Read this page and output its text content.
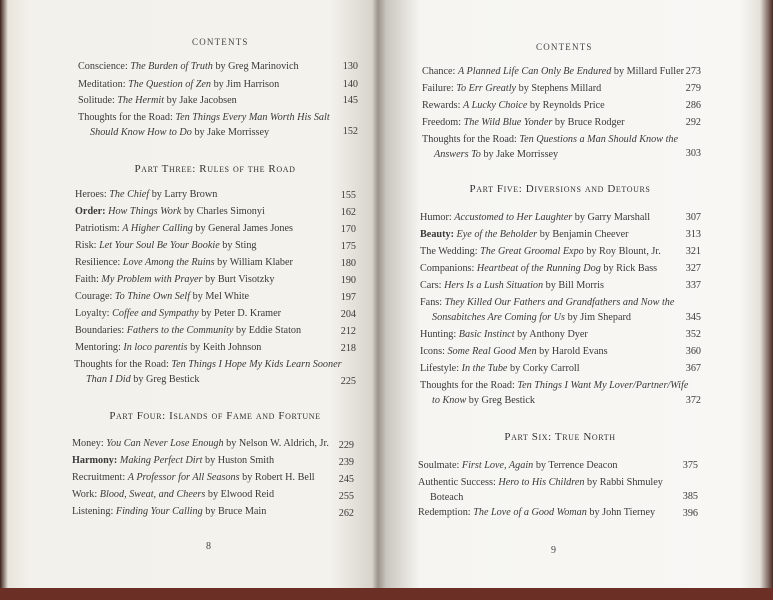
CONTENTS
Conscience: The Burden of Truth by Greg Marinovich	130
Meditation: The Question of Zen by Jim Harrison	140
Solitude: The Hermit by Jake Jacobsen	145
Thoughts for the Road: Ten Things Every Man Worth His Salt
Should Know How to Do by Jake Morrissey	152
Part Three: Rules of the Road
Heroes: The Chief by Larry Brown	155
Order: How Things Work by Charles Simonyi	162
Patriotism: A Higher Calling by General James Jones	170
Risk: Let Your Soul Be Your Bookie by Sting	175
Resilience: Love Among the Ruins by William Klaber	180
Faith: My Problem with Prayer by Burt Visotzky	190
Courage: To Thine Own Self by Mel White	197
Loyalty: Coffee and Sympathy by Peter D. Kramer	204
Boundaries: Fathers to the Community by Eddie Staton	212
Mentoring: In loco parentis by Keith Johnson	218
Thoughts for the Road: Ten Things I Hope My Kids Learn Sooner
Than I Did by Greg Bestick	225
Part Four: Islands of Fame and Fortune
Money: You Can Never Lose Enough by Nelson W. Aldrich, Jr. 229
Harmony: Making Perfect Dirt by Huston Smith	239
Recruitment: A Professor for All Seasons by Robert H. Bell	245
Work: Blood, Sweat, and Cheers by Elwood Reid	255
Listening: Finding Your Calling by Bruce Main	262
8
CONTENTS
Chance: A Planned Life Can Only Be Endured by Millard Fuller 273
Failure: To Err Greatly by Stephens Millard	279
Rewards: A Lucky Choice by Reynolds Price	286
Freedom: The Wild Blue Yonder by Bruce Rodger	292
Thoughts for the Road: Ten Questions a Man Should Know the
Answers To by Jake Morrissey	303
Part Five: Diversions and Detours
Humor: Accustomed to Her Laughter by Garry Marshall	307
Beauty: Eye of the Beholder by Benjamin Cheever	313
The Wedding: The Great Groomal Expo by Roy Blount, Jr.	321
Companions: Heartbeat of the Running Dog by Rick Bass	327
Cars: Hers Is a Lush Situation by Bill Morris	337
Fans: They Killed Our Fathers and Grandfathers and Now the
Sonsabitches Are Coming for Us by Jim Shepard	345
Hunting: Basic Instinct by Anthony Dyer	352
Icons: Some Real Good Men by Harold Evans	360
Lifestyle: In the Tube by Corky Carroll	367
Thoughts for the Road: Ten Things I Want My Lover/Partner/Wife
to Know by Greg Bestick	372
Part Six: True North
Soulmate: First Love, Again by Terrence Deacon	375
Authentic Success: Hero to His Children by Rabbi Shmuley
Boteach	385
Redemption: The Love of a Good Woman by John Tierney	396
9
